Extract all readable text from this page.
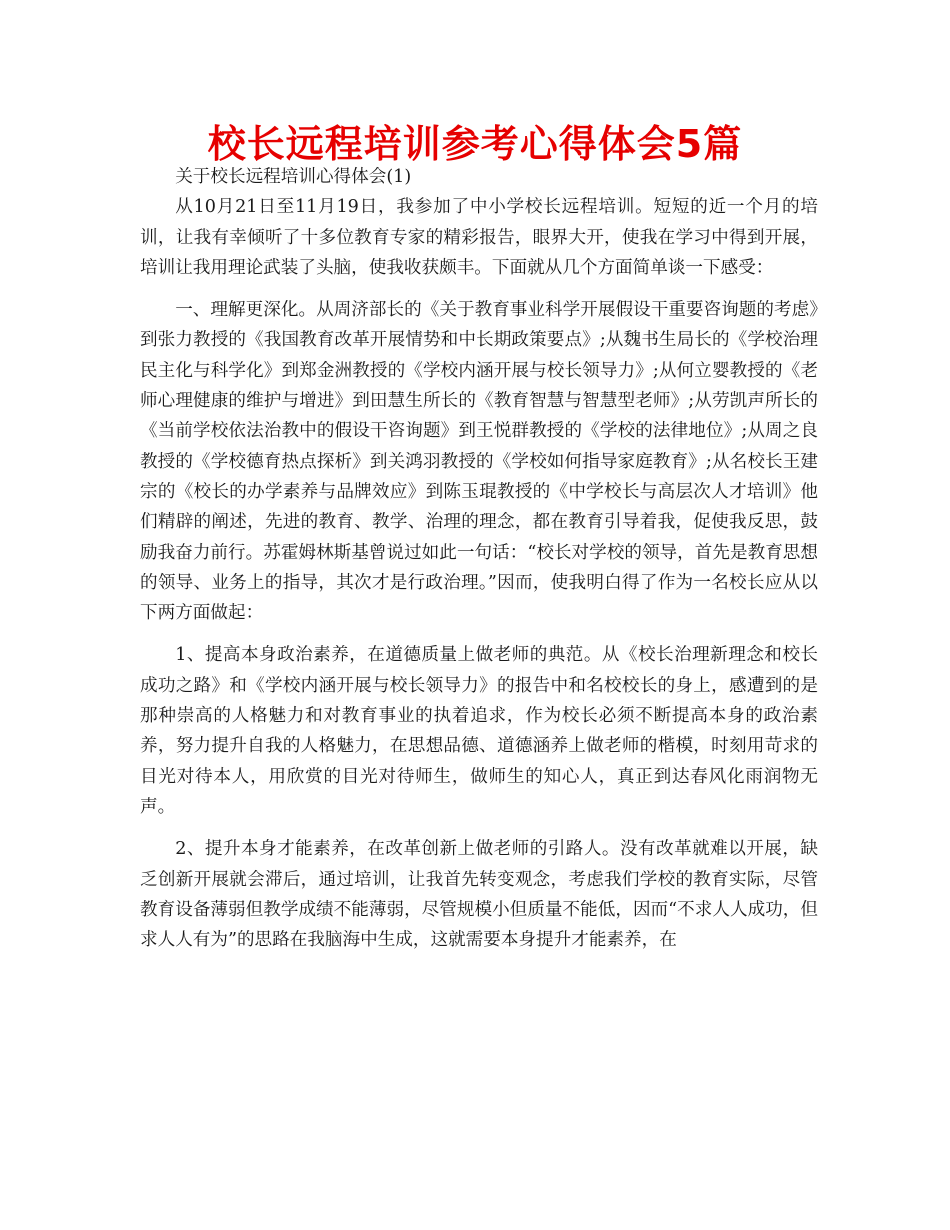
校长远程培训参考心得体会5篇

关于校长远程培训心得体会(1)

从10月21日至11月19日，我参加了中小学校长远程培训。短短的近一个月的培训，让我有幸倾听了十多位教育专家的精彩报告，眼界大开，使我在学习中得到开展，培训让我用理论武装了头脑，使我收获颇丰。下面就从几个方面简单谈一下感受：

一、理解更深化。从周济部长的《关于教育事业科学开展假设干重要咨询题的考虑》到张力教授的《我国教育改革开展情势和中长期政策要点》;从魏书生局长的《学校治理民主化与科学化》到郑金洲教授的《学校内涵开展与校长领导力》;从何立婴教授的《老师心理健康的维护与增进》到田慧生所长的《教育智慧与智慧型老师》;从劳凯声所长的《当前学校依法治教中的假设干咨询题》到王悦群教授的《学校的法律地位》;从周之良教授的《学校德育热点探析》到关鸿羽教授的《学校如何指导家庭教育》;从名校长王建宗的《校长的办学素养与品牌效应》到陈玉琨教授的《中学校长与高层次人才培训》他们精辟的阐述，先进的教育、教学、治理的理念，都在教育引导着我，促使我反思，鼓励我奋力前行。苏霍姆林斯基曾说过如此一句话：“校长对学校的领导，首先是教育思想的领导、业务上的指导，其次才是行政治理。”因而，使我明白得了作为一名校长应从以下两方面做起：

1、提高本身政治素养，在道德质量上做老师的典范。从《校长治理新理念和校长成功之路》和《学校内涵开展与校长领导力》的报告中和名校校长的身上，感遭到的是那种崇高的人格魅力和对教育事业的执着追求，作为校长必须不断提高本身的政治素养，努力提升自我的人格魅力，在思想品德、道德涵养上做老师的楷模，时刻用苛求的目光对待本人，用欣赏的目光对待师生，做师生的知心人，真正到达春风化雨润物无声。

2、提升本身才能素养，在改革创新上做老师的引路人。没有改革就难以开展，缺乏创新开展就会滞后，通过培训，让我首先转变观念，考虑我们学校的教育实际，尽管教育设备薄弱但教学成绩不能薄弱，尽管规模小但质量不能低，因而“不求人人成功，但求人人有为”的思路在我脑海中生成，这就需要本身提升才能素养，在
